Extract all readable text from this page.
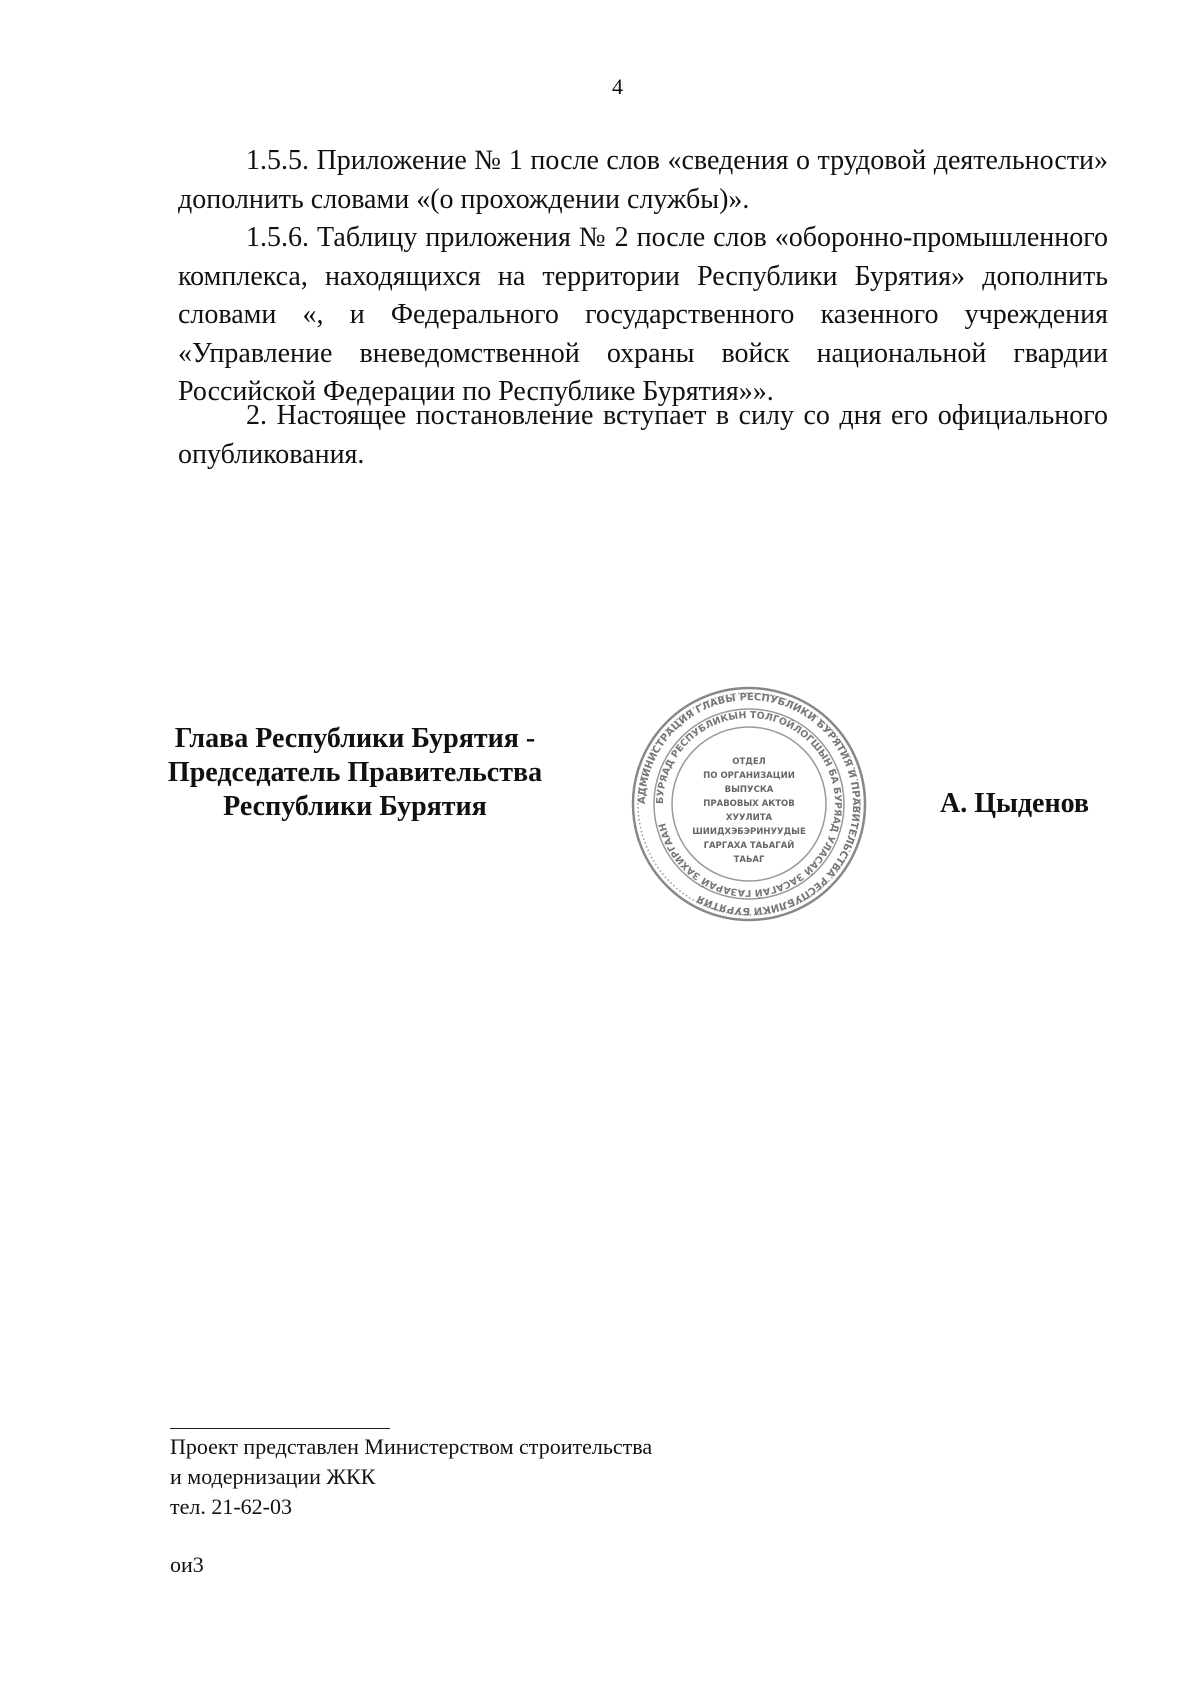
4

1.5.5. Приложение № 1 после слов «сведения о трудовой деятельности» дополнить словами «(о прохождении службы)».

1.5.6. Таблицу приложения № 2 после слов «оборонно-промышленного комплекса, находящихся на территории Республики Бурятия» дополнить словами «, и Федерального государственного казенного учреждения «Управление вневедомственной охраны войск национальной гвардии Российской Федерации по Республике Бурятия»».

2. Настоящее постановление вступает в силу со дня его официального опубликования.

Глава Республики Бурятия -
Председатель Правительства
Республики Бурятия	АДМИНИСТРАЦИЯ ГЛАВЫ РЕСПУБЛИКИ БУРЯТИЯ И ПРАВИТЕЛЬСТВА РЕСПУБЛИКИ БУРЯТИЯ
БУРЯАД РЕСПУБЛИКЫН ТОЛГОЙЛОГШЫН БА БУРЯАД УЛАСАЙ ЗАСАГАЙ ГАЗАРАЙ ЗАХИРГААН
ОТДЕЛ
ПО ОРГАНИЗАЦИИ
ВЫПУСКА
ПРАВОВЫХ АКТОВ
ХУУЛИТА
ШИИДХЭБЭРИНУУДЫЕ
ГАРГАХА ТАЬАГАЙ
ТАЬАГ
А. Цыденов
Проект представлен Министерством строительства
и модернизации ЖКК
тел. 21-62-03
ои3
